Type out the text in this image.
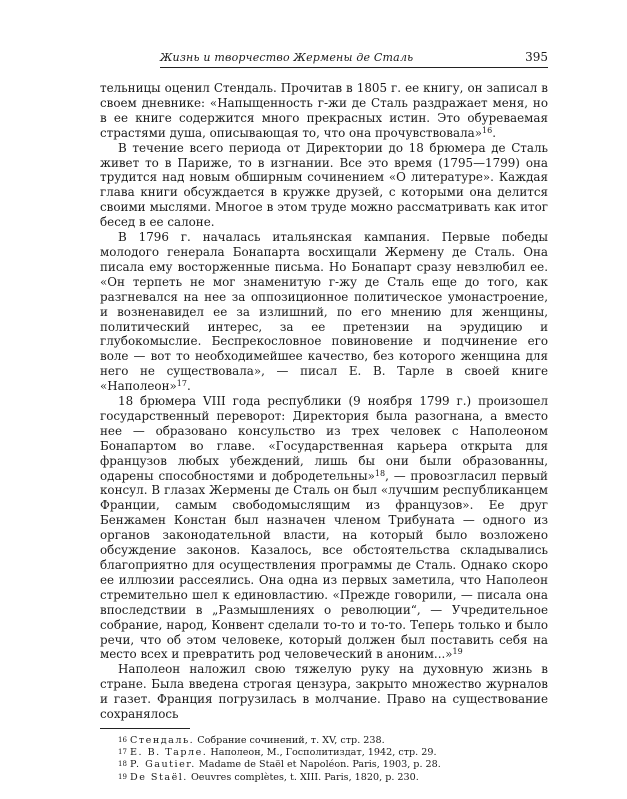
Жизнь и творчество Жермены де Сталь	395

тельницы оценил Стендаль. Прочитав в 1805 г. ее книгу, он записал в своем дневнике: «Напыщенность г-жи де Сталь раздражает меня, но в ее книге содержится много прекрасных истин. Это обуреваемая страстями душа, описывающая то, что она прочувствовала»$^{16}$.

В течение всего периода от Директории до 18 брюмера де Сталь живет то в Париже, то в изгнании. Все это время (1795—1799) она трудится над новым обширным сочинением «О литературе». Каждая глава книги обсуждается в кружке друзей, с которыми она делится своими мыслями. Многое в этом труде можно рассматривать как итог бесед в ее салоне.

В 1796 г. началась итальянская кампания. Первые победы молодого генерала Бонапарта восхищали Жермену де Сталь. Она писала ему восторженные письма. Но Бонапарт сразу невзлюбил ее. «Он терпеть не мог знаменитую г-жу де Сталь еще до того, как разгневался на нее за оппозиционное политическое умонастроение, и возненавидел ее за излишний, по его мнению для женщины, политический интерес, за ее претензии на эрудицию и глубокомыслие. Беспрекословное повиновение и подчинение его воле — вот то необходимейшее качество, без которого женщина для него не существовала», — писал Е. В. Тарле в своей книге «Наполеон»$^{17}$.

18 брюмера VIII года республики (9 ноября 1799 г.) произошел государственный переворот: Директория была разогнана, а вместо нее — образовано консульство из трех человек с Наполеоном Бонапартом во главе. «Государственная карьера открыта для французов любых убеждений, лишь бы они были образованны, одарены способностями и добродетельны»$^{18}$, — провозгласил первый консул. В глазах Жермены де Сталь он был «лучшим республиканцем Франции, самым свободомыслящим из французов». Ее друг Бенжамен Констан был назначен членом Трибуната — одного из органов законодательной власти, на который было возложено обсуждение законов. Казалось, все обстоятельства складывались благоприятно для осуществления программы де Сталь. Однако скоро ее иллюзии рассеялись. Она одна из первых заметила, что Наполеон стремительно шел к единовластию. «Прежде говорили, — писала она впоследствии в „Размышлениях о революции“, — Учредительное собрание, народ, Конвент сделали то-то и то-то. Теперь только и было речи, что об этом человеке, который должен был поставить себя на место всех и превратить род человеческий в аноним...»$^{19}$

Наполеон наложил свою тяжелую руку на духовную жизнь в стране. Была введена строгая цензура, закрыто множество журналов и газет. Франция погрузилась в молчание. Право на существование сохранялось

16 Стендаль. Собрание сочинений, т. XV, стр. 238.
17 Е. В. Тарле. Наполеон, М., Госполитиздат, 1942, стр. 29.
18 P. Gautier. Madame de Staël et Napoléon. Paris, 1903, p. 28.
19 De Staël. Oeuvres complètes, t. XIII. Paris, 1820, p. 230.
